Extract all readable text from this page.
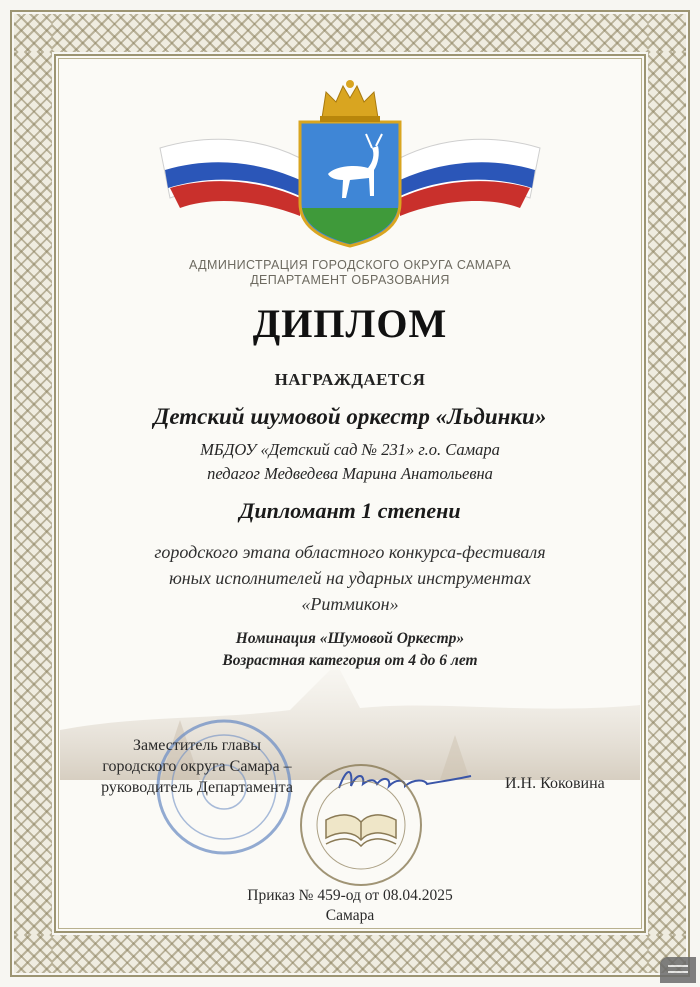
АДМИНИСТРАЦИЯ ГОРОДСКОГО ОКРУГА САМАРА
ДЕПАРТАМЕНТ ОБРАЗОВАНИЯ
ДИПЛОМ
НАГРАЖДАЕТСЯ
Детский шумовой оркестр «Льдинки»
МБДОУ «Детский сад № 231» г.о. Самара
педагог Медведева Марина Анатольевна
Дипломант 1 степени
городского этапа областного конкурса-фестиваля
юных исполнителей на ударных инструментах
«Ритмикон»
Номинация «Шумовой Оркестр»
Возрастная категория от 4 до 6 лет
Заместитель главы
городского округа Самара –
руководитель Департамента	И.Н. Коковина
Приказ № 459-од от 08.04.2025
Самара
